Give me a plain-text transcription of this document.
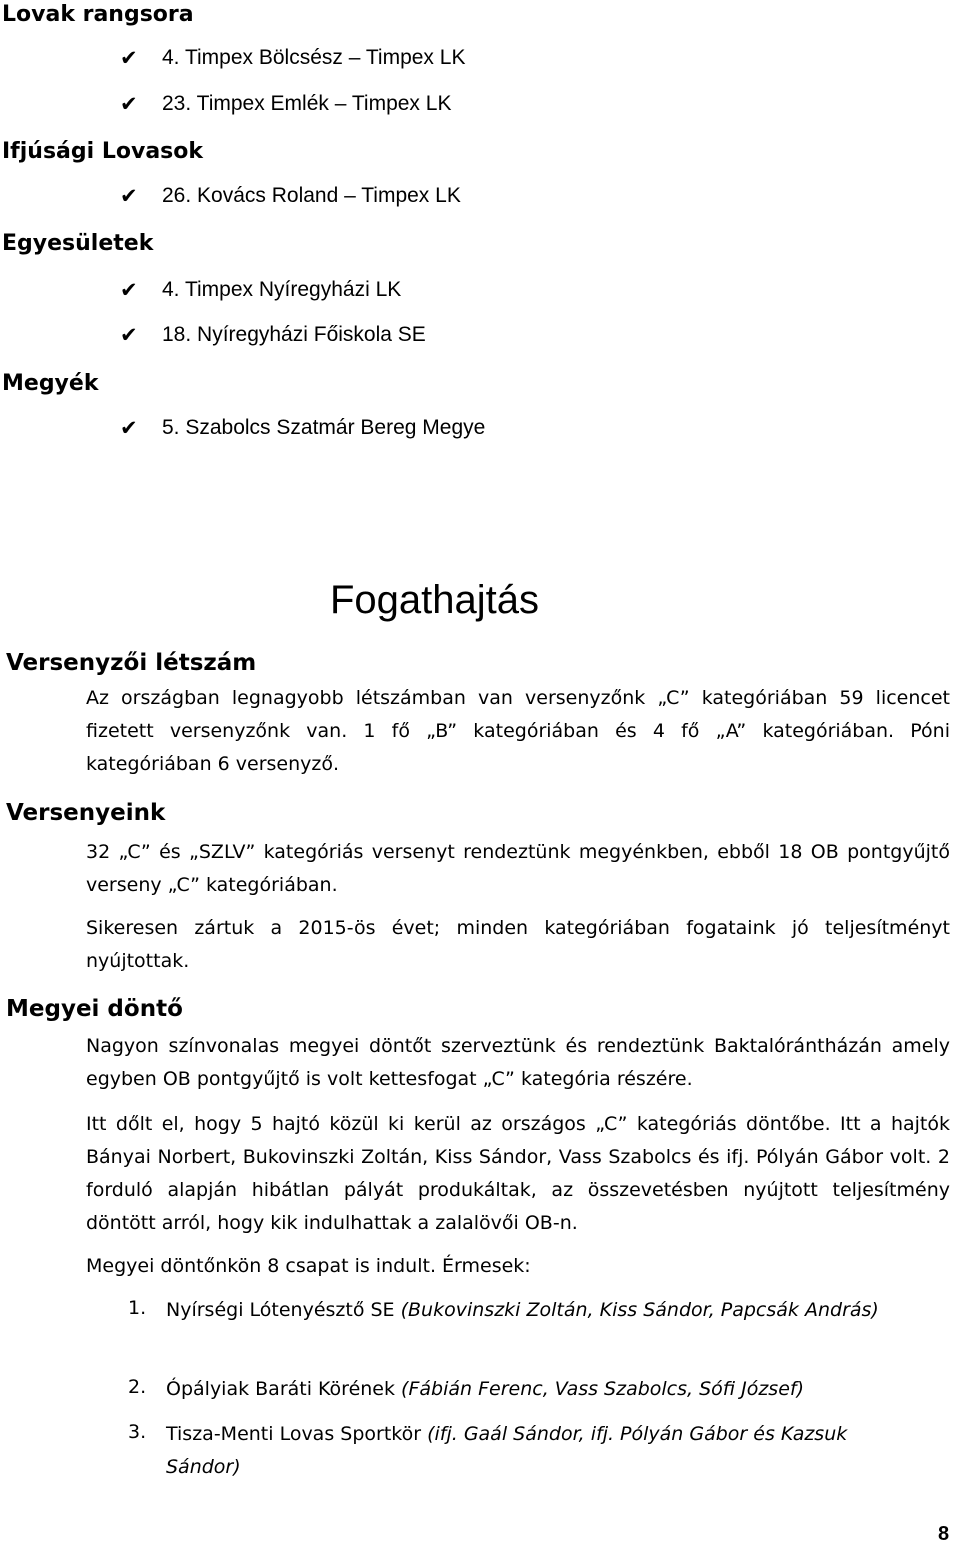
Lovak rangsora
✔ 4. Timpex Bölcsész – Timpex LK
✔ 23. Timpex Emlék – Timpex LK
Ifjúsági Lovasok
✔ 26. Kovács Roland – Timpex LK
Egyesületek
✔ 4. Timpex Nyíregyházi LK
✔ 18. Nyíregyházi Főiskola SE
Megyék
✔ 5. Szabolcs Szatmár Bereg Megye
Fogathajtás
Versenyzői létszám
Az országban legnagyobb létszámban van versenyzőnk „C” kategóriában 59 licencet fizetett versenyzőnk van. 1 fő „B” kategóriában és 4 fő „A” kategóriában. Póni kategóriában 6 versenyző.
Versenyeink
32 „C” és „SZLV” kategóriás versenyt rendeztünk megyénkben, ebből 18 OB pontgyűjtő verseny „C” kategóriában.
Sikeresen zártuk a 2015-ös évet; minden kategóriában fogataink jó teljesítményt nyújtottak.
Megyei döntő
Nagyon színvonalas megyei döntőt szerveztünk és rendeztünk Baktalórántházán amely egyben OB pontgyűjtő is volt kettesfogat „C” kategória részére.
Itt dőlt el, hogy 5 hajtó közül ki kerül az országos „C” kategóriás döntőbe. Itt a hajtók Bányai Norbert, Bukovinszki Zoltán, Kiss Sándor, Vass Szabolcs és ifj. Pólyán Gábor volt. 2 forduló alapján hibátlan pályát produkáltak, az összevetésben nyújtott teljesítmény döntött arról, hogy kik indulhattak a zalalövői OB-n.
Megyei döntőnkön 8 csapat is indult. Érmesek:
1. Nyírségi Lótenyésztő SE (Bukovinszki Zoltán, Kiss Sándor, Papcsák András)
2. Ópályiak Baráti Körének (Fábián Ferenc, Vass Szabolcs, Sófi József)
3. Tisza-Menti Lovas Sportkör (ifj. Gaál Sándor, ifj. Pólyán Gábor és Kazsuk Sándor)
8
